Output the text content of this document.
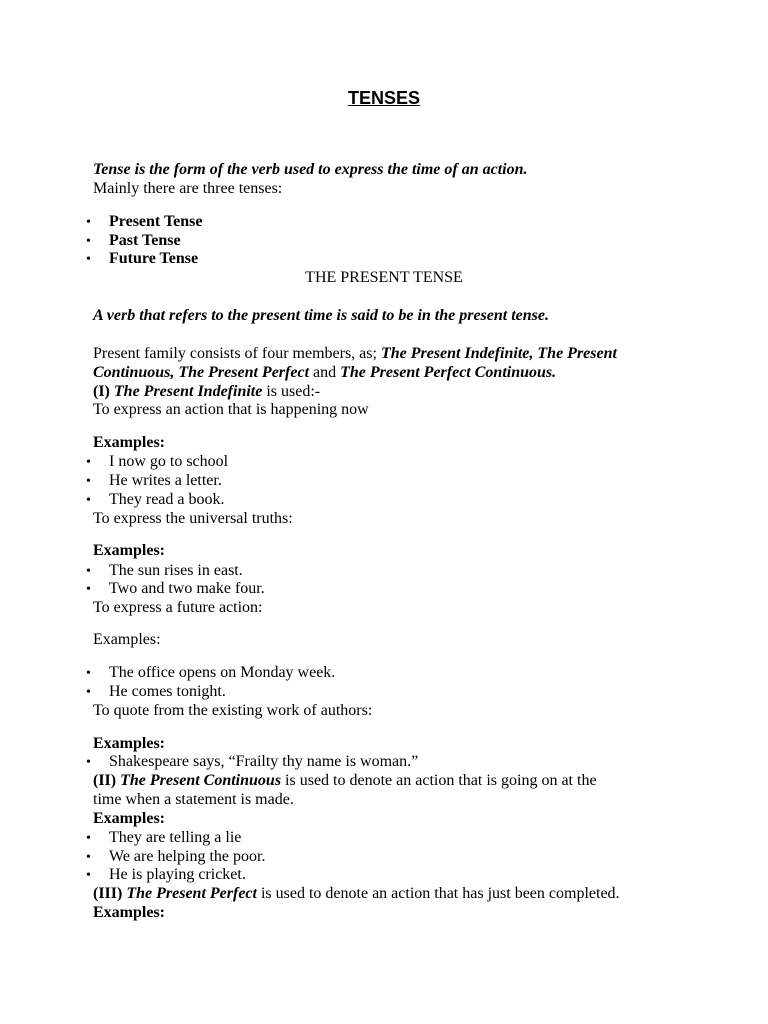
TENSES
Tense is the form of the verb used to express the time of an action.
Mainly there are three tenses:
• Present Tense
• Past Tense
• Future Tense
THE PRESENT TENSE
A verb that refers to the present time is said to be in the present tense.
Present family consists of four members, as; The Present Indefinite, The Present
Continuous, The Present Perfect and The Present Perfect Continuous.
(I) The Present Indefinite is used:-
To express an action that is happening now
Examples:
• I now go to school
• He writes a letter.
• They read a book.
To express the universal truths:
Examples:
• The sun rises in east.
• Two and two make four.
To express a future action:
Examples:
• The office opens on Monday week.
• He comes tonight.
To quote from the existing work of authors:
Examples:
• Shakespeare says, “Frailty thy name is woman.”
(II) The Present Continuous is used to denote an action that is going on at the
time when a statement is made.
Examples:
• They are telling a lie
• We are helping the poor.
• He is playing cricket.
(III) The Present Perfect is used to denote an action that has just been completed.
Examples:
